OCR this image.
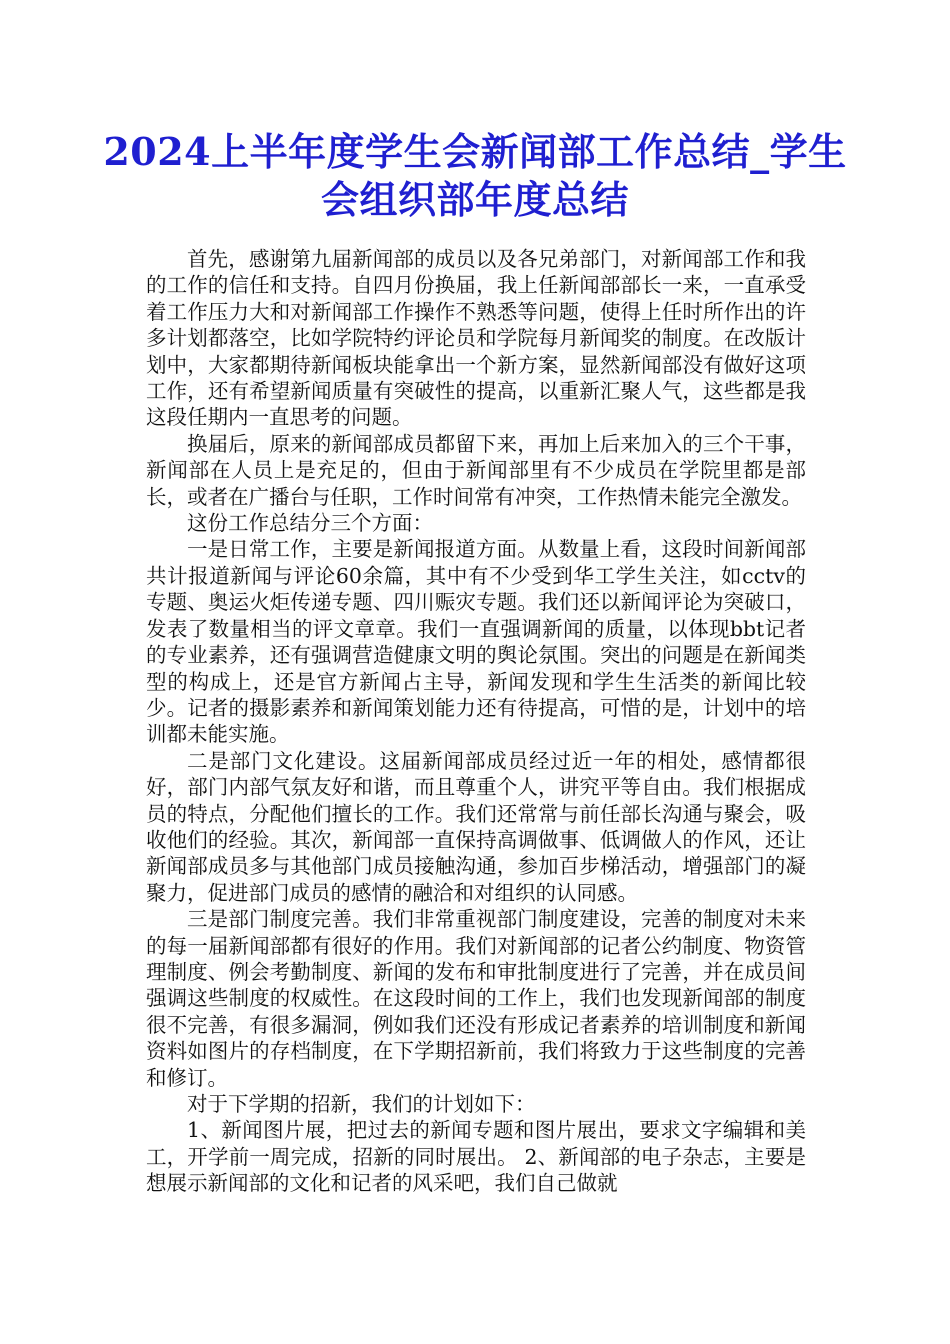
2024上半年度学生会新闻部工作总结_学生会组织部年度总结

首先，感谢第九届新闻部的成员以及各兄弟部门，对新闻部工作和我的工作的信任和支持。自四月份换届，我上任新闻部部长一来，一直承受着工作压力大和对新闻部工作操作不熟悉等问题，使得上任时所作出的许多计划都落空，比如学院特约评论员和学院每月新闻奖的制度。在改版计划中，大家都期待新闻板块能拿出一个新方案，显然新闻部没有做好这项工作，还有希望新闻质量有突破性的提高，以重新汇聚人气，这些都是我这段任期内一直思考的问题。

换届后，原来的新闻部成员都留下来，再加上后来加入的三个干事，新闻部在人员上是充足的，但由于新闻部里有不少成员在学院里都是部长，或者在广播台与任职，工作时间常有冲突，工作热情未能完全激发。

这份工作总结分三个方面：

一是日常工作，主要是新闻报道方面。从数量上看，这段时间新闻部共计报道新闻与评论60余篇，其中有不少受到华工学生关注，如cctv的专题、奥运火炬传递专题、四川赈灾专题。我们还以新闻评论为突破口，发表了数量相当的评文章章。我们一直强调新闻的质量，以体现bbt记者的专业素养，还有强调营造健康文明的舆论氛围。突出的问题是在新闻类型的构成上，还是官方新闻占主导，新闻发现和学生生活类的新闻比较少。记者的摄影素养和新闻策划能力还有待提高，可惜的是，计划中的培训都未能实施。

二是部门文化建设。这届新闻部成员经过近一年的相处，感情都很好，部门内部气氛友好和谐，而且尊重个人，讲究平等自由。我们根据成员的特点，分配他们擅长的工作。我们还常常与前任部长沟通与聚会，吸收他们的经验。其次，新闻部一直保持高调做事、低调做人的作风，还让新闻部成员多与其他部门成员接触沟通，参加百步梯活动，增强部门的凝聚力，促进部门成员的感情的融洽和对组织的认同感。

三是部门制度完善。我们非常重视部门制度建设，完善的制度对未来的每一届新闻部都有很好的作用。我们对新闻部的记者公约制度、物资管理制度、例会考勤制度、新闻的发布和审批制度进行了完善，并在成员间强调这些制度的权威性。在这段时间的工作上，我们也发现新闻部的制度很不完善，有很多漏洞，例如我们还没有形成记者素养的培训制度和新闻资料如图片的存档制度，在下学期招新前，我们将致力于这些制度的完善和修订。

对于下学期的招新，我们的计划如下：

1、新闻图片展，把过去的新闻专题和图片展出，要求文字编辑和美工，开学前一周完成，招新的同时展出。 2、新闻部的电子杂志，主要是想展示新闻部的文化和记者的风采吧，我们自己做就
